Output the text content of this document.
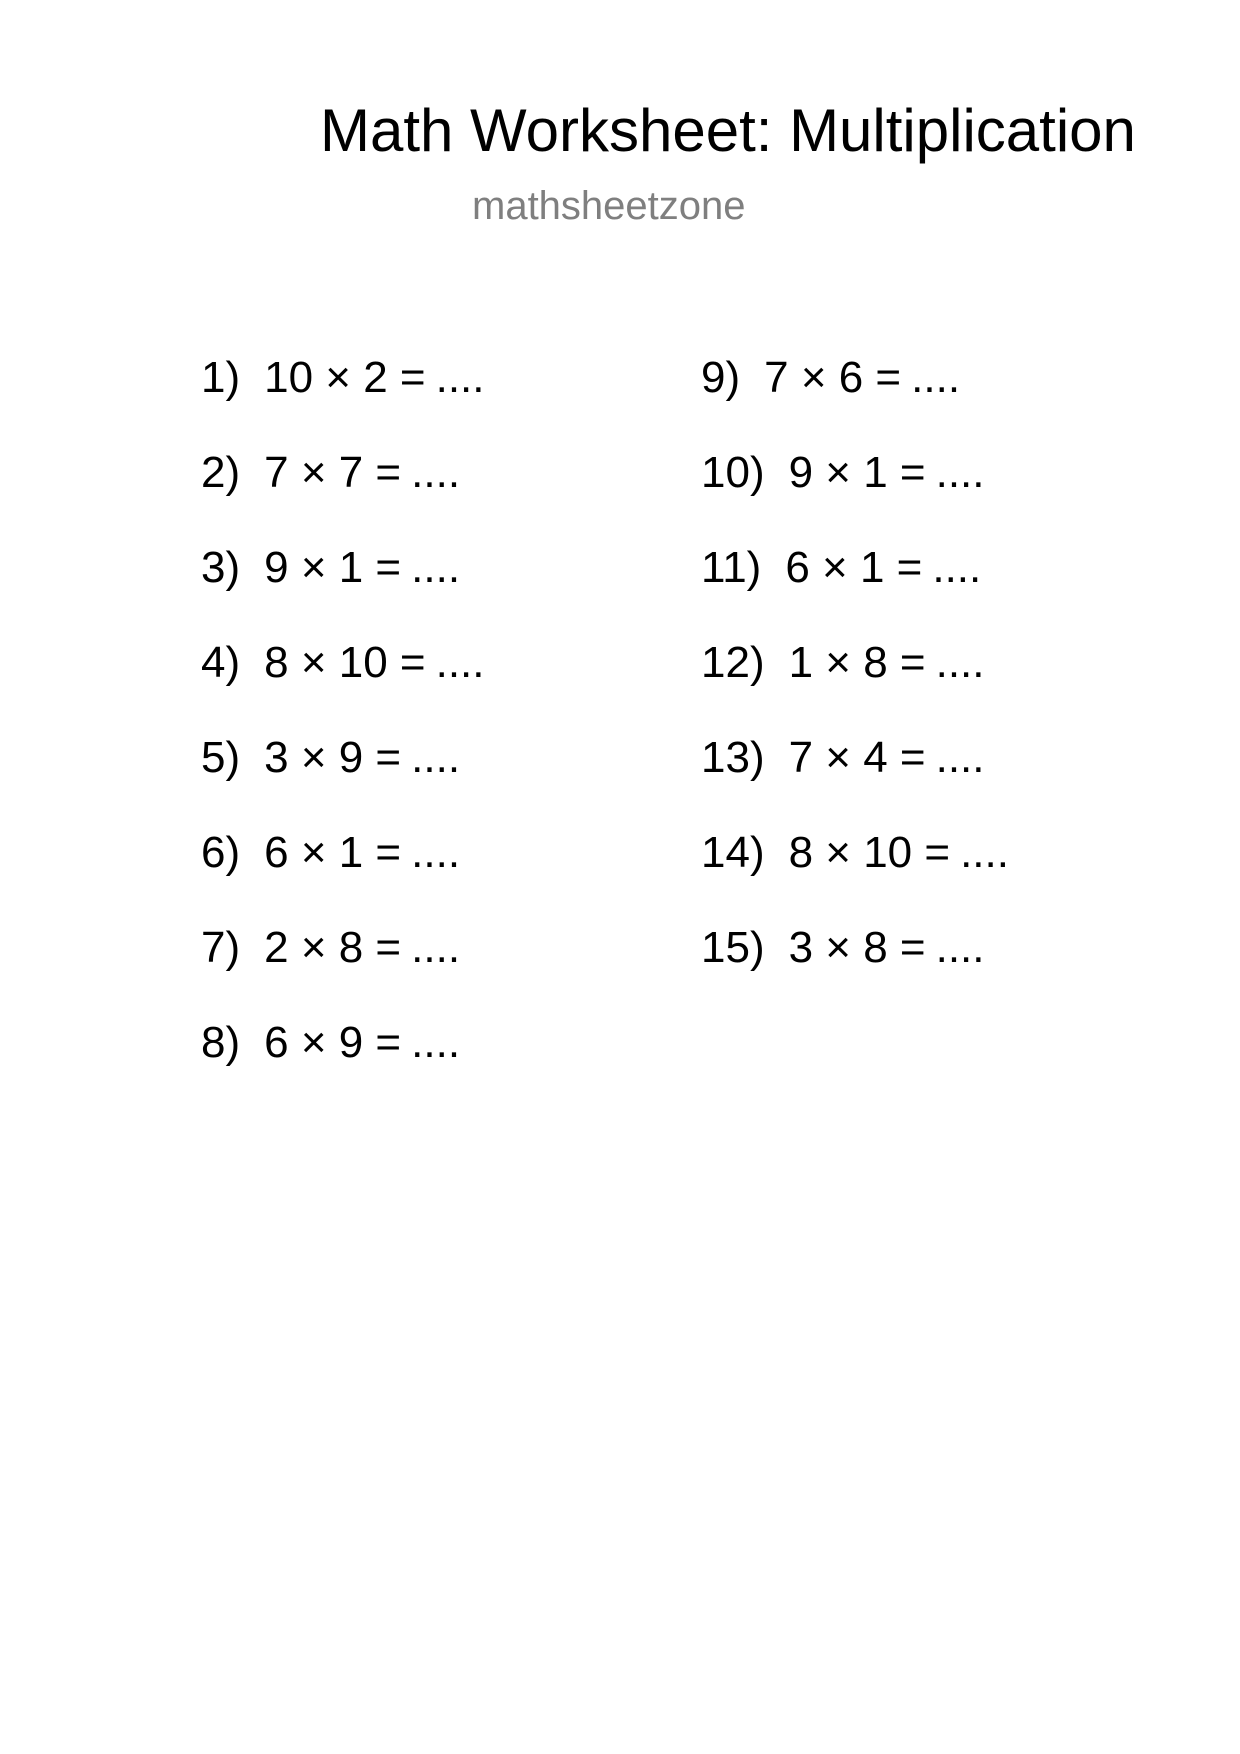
Math Worksheet: Multiplication
mathsheetzone
1) 10 × 2 = ....
2) 7 × 7 = ....
3) 9 × 1 = ....
4) 8 × 10 = ....
5) 3 × 9 = ....
6) 6 × 1 = ....
7) 2 × 8 = ....
8) 6 × 9 = ....
9) 7 × 6 = ....
10) 9 × 1 = ....
11) 6 × 1 = ....
12) 1 × 8 = ....
13) 7 × 4 = ....
14) 8 × 10 = ....
15) 3 × 8 = ....
